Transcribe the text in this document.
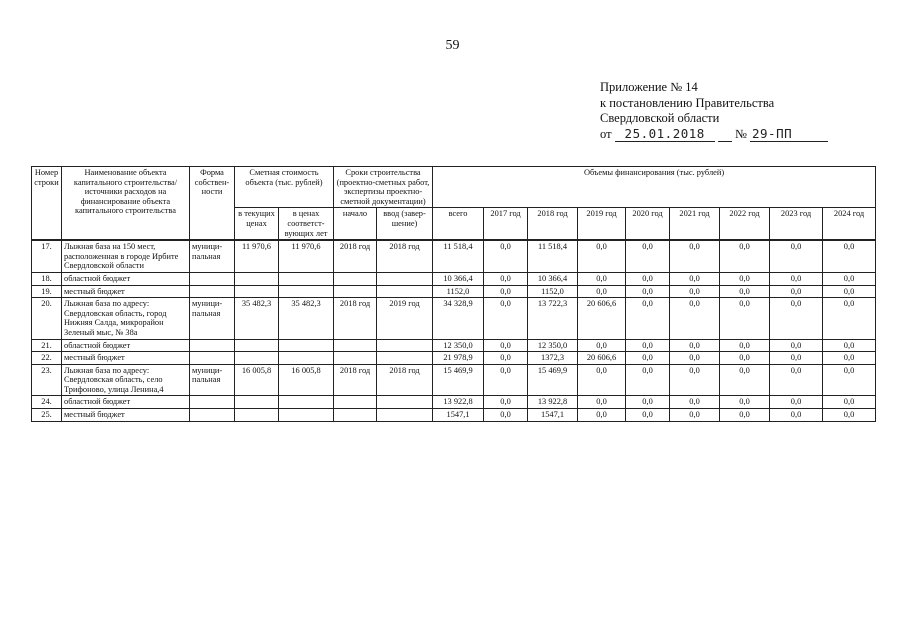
59
Приложение № 14
к постановлению Правительства
Свердловской области
от 25.01.2018 № 29-ПП
Номер строки	Наименование объекта капитального строительства/ источники расходов на финансирование объекта капитального строительства	Форма собствен-ности	Сметная стоимость объекта (тыс. рублей)		Сроки строительства (проектно-сметных работ, экспертизы проектно-сметной документации)		Объемы финансирования (тыс. рублей)								
			в текущих ценах	в ценах соответст-вующих лет	начало	ввод (завер-шение)	всего	2017 год	2018 год	2019 год	2020 год	2021 год	2022 год	2023 год	2024 год
17.	Лыжная база на 150 мест, расположенная в городе Ирбите Свердловской области	муници-пальная	11 970,6	11 970,6	2018 год	2018 год	11 518,4	0,0	11 518,4	0,0	0,0	0,0	0,0	0,0	0,0
18.	областной бюджет						10 366,4	0,0	10 366,4	0,0	0,0	0,0	0,0	0,0	0,0
19.	местный бюджет						1152,0	0,0	1152,0	0,0	0,0	0,0	0,0	0,0	0,0
20.	Лыжная база по адресу: Свердловская область, город Нижняя Салда, микрорайон Зеленый мыс, № 38а	муници-пальная	35 482,3	35 482,3	2018 год	2019 год	34 328,9	0,0	13 722,3	20 606,6	0,0	0,0	0,0	0,0	0,0
21.	областной бюджет						12 350,0	0,0	12 350,0	0,0	0,0	0,0	0,0	0,0	0,0
22.	местный бюджет						21 978,9	0,0	1372,3	20 606,6	0,0	0,0	0,0	0,0	0,0
23.	Лыжная база по адресу: Свердловская область, село Трифоново, улица Ленина,4	муници-пальная	16 005,8	16 005,8	2018 год	2018 год	15 469,9	0,0	15 469,9	0,0	0,0	0,0	0,0	0,0	0,0
24.	областной бюджет						13 922,8	0,0	13 922,8	0,0	0,0	0,0	0,0	0,0	0,0
25.	местный бюджет						1547,1	0,0	1547,1	0,0	0,0	0,0	0,0	0,0	0,0
